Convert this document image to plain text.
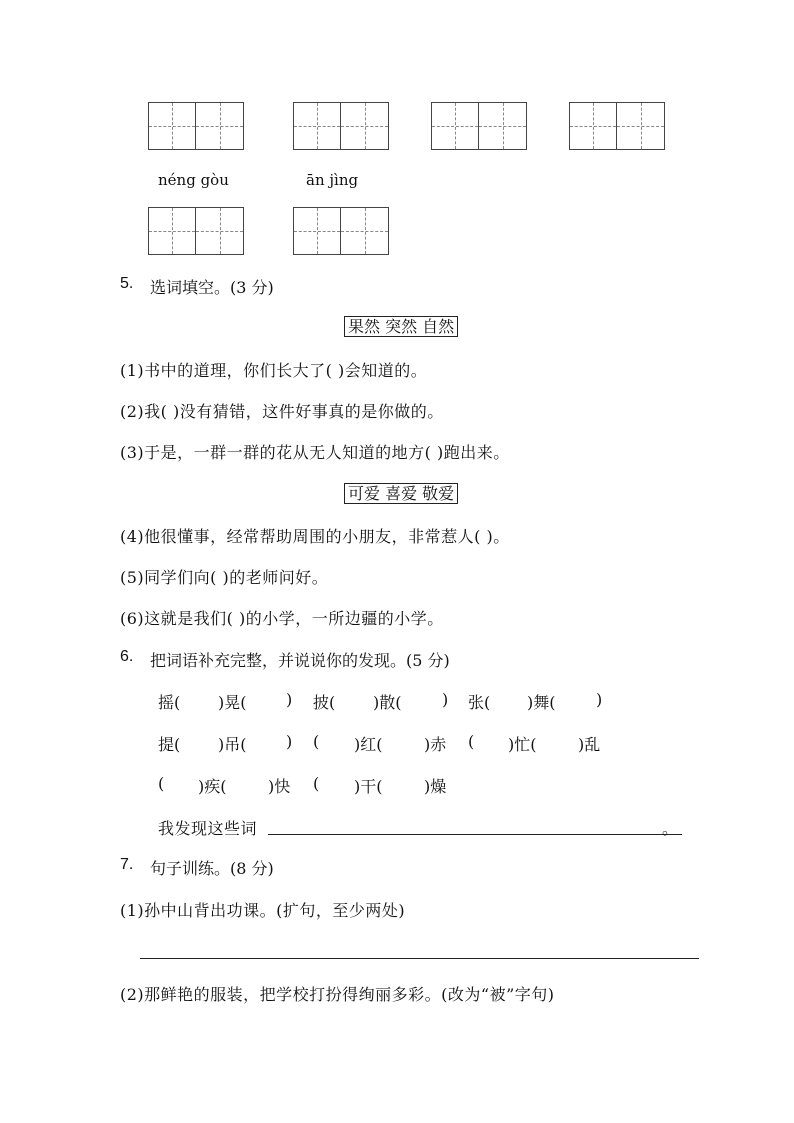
néng gòu	ān jìng
5. 选词填空。(3 分)
果然 突然 自然
(1)书中的道理，你们长大了( )会知道的。
(2)我( )没有猜错，这件好事真的是你做的。
(3)于是，一群一群的花从无人知道的地方( )跑出来。
可爱 喜爱 敬爱
(4)他很懂事，经常帮助周围的小朋友，非常惹人( )。
(5)同学们向( )的老师问好。
(6)这就是我们( )的小学，一所边疆的小学。
6. 把词语补充完整，并说说你的发现。(5 分)
摇( )晃( ) 披( )散(	) 张( )舞(	)
提( )吊( ) ( )红(	)赤 ( )忙(	)乱
( )疾(	)快 ( )干(	)燥
我发现这些词	。
7. 句子训练。(8 分)
(1)孙中山背出功课。(扩句，至少两处)
(2)那鲜艳的服装，把学校打扮得绚丽多彩。(改为“被”字句)
